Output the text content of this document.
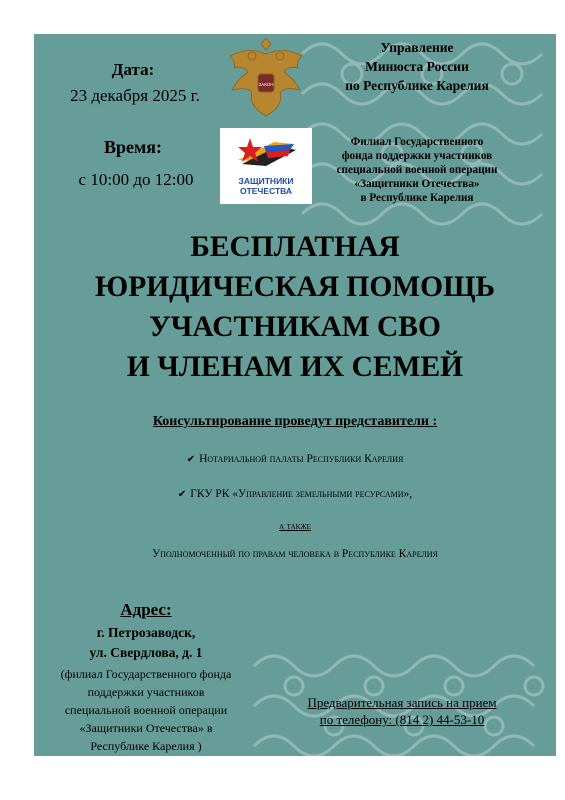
Дата:
23 декабря 2025 г.
Время:
с 10:00 до 12:00
ЗАКОН
ЗАЩИТНИКИ
ОТЕЧЕСТВА
Управление
Минюста России
по Республике Карелия
Филиал Государственного
фонда поддержки участников
специальной военной операции
«Защитники Отечества»
в Республике Карелия
БЕСПЛАТНАЯ
ЮРИДИЧЕСКАЯ ПОМОЩЬ
УЧАСТНИКАМ СВО
И ЧЛЕНАМ ИХ СЕМЕЙ
Консультирование проведут представители :
✔ Нотариальной палаты Республики Карелия
✔ ГКУ РК «Управление земельными ресурсами»,
а также
Уполномоченный по правам человека в Республике Карелия
Адрес:
г. Петрозаводск,
ул. Свердлова, д. 1
(филиал Государственного фонда
поддержки участников
специальной военной операции
«Защитники Отечества» в
Республике Карелия )
Предварительная запись на прием
по телефону: (814 2) 44-53-10
